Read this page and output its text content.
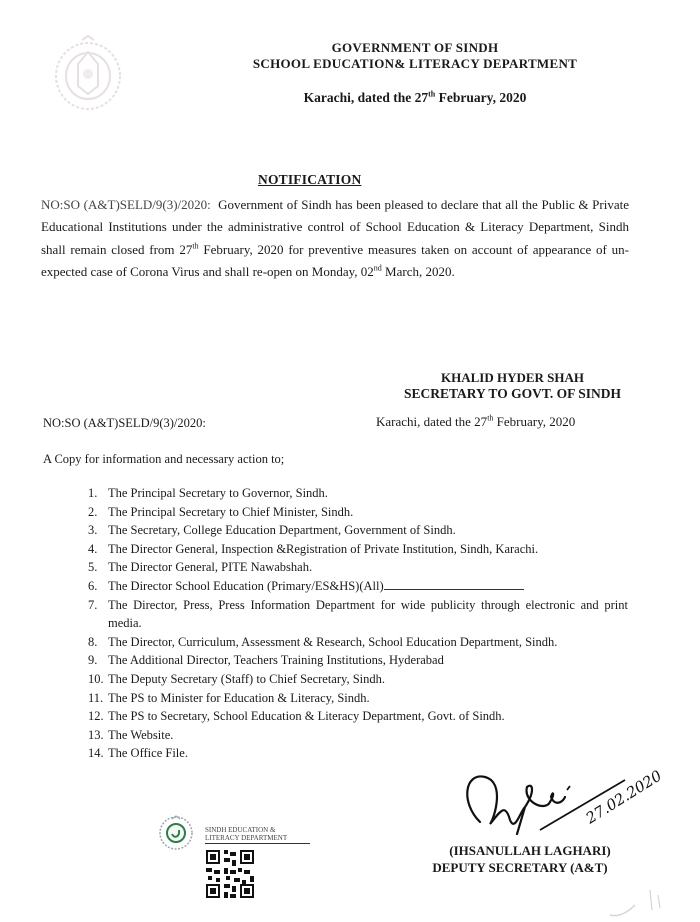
GOVERNMENT OF SINDH
SCHOOL EDUCATION& LITERACY DEPARTMENT
Karachi, dated the 27th February, 2020
NOTIFICATION
NO:SO (A&T)SELD/9(3)/2020: Government of Sindh has been pleased to declare that all the Public & Private Educational Institutions under the administrative control of School Education & Literacy Department, Sindh shall remain closed from 27th February, 2020 for preventive measures taken on account of appearance of un-expected case of Corona Virus and shall re-open on Monday, 02nd March, 2020.
KHALID HYDER SHAH
SECRETARY TO GOVT. OF SINDH
NO:SO (A&T)SELD/9(3)/2020:	Karachi, dated the 27th February, 2020
A Copy for information and necessary action to;
1. The Principal Secretary to Governor, Sindh.
2. The Principal Secretary to Chief Minister, Sindh.
3. The Secretary, College Education Department, Government of Sindh.
4. The Director General, Inspection &Registration of Private Institution, Sindh, Karachi.
5. The Director General, PITE Nawabshah.
6. The Director School Education (Primary/ES&HS)(All)
7. The Director, Press, Press Information Department for wide publicity through electronic and print media.
8. The Director, Curriculum, Assessment & Research, School Education Department, Sindh.
9. The Additional Director, Teachers Training Institutions, Hyderabad
10. The Deputy Secretary (Staff) to Chief Secretary, Sindh.
11. The PS to Minister for Education & Literacy, Sindh.
12. The PS to Secretary, School Education & Literacy Department, Govt. of Sindh.
13. The Website.
14. The Office File.
27.02.2020
(IHSANULLAH LAGHARI)
DEPUTY SECRETARY (A&T)
SINDH EDUCATION &
LITERACY DEPARTMENT
